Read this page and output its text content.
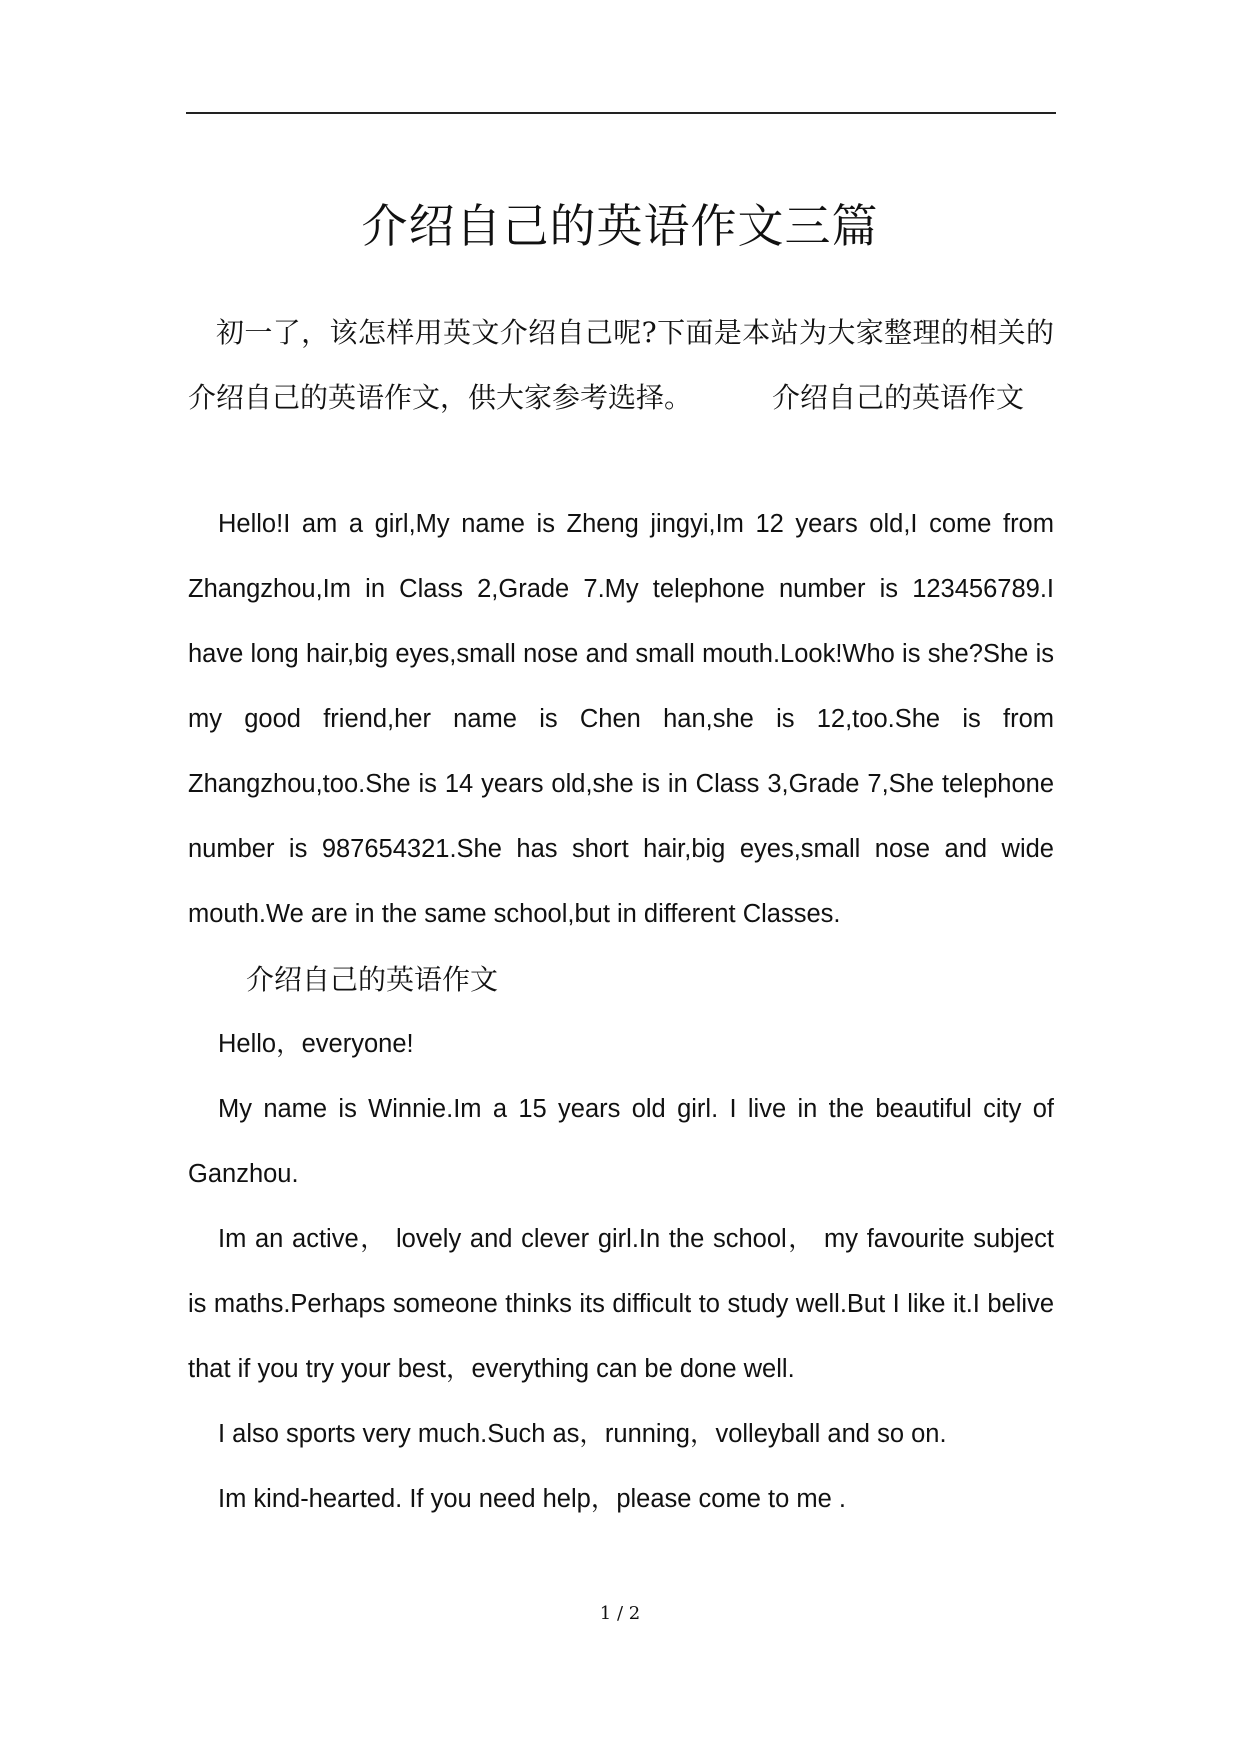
介绍自己的英语作文三篇

初一了，该怎样用英文介绍自己呢?下面是本站为大家整理的相关的介绍自己的英语作文，供大家参考选择。	介绍自己的英语作文

Hello!I am a girl,My name is Zheng jingyi,Im 12 years old,I come from Zhangzhou,Im in Class 2,Grade 7.My telephone number is 123456789.I have long hair,big eyes,small nose and small mouth.Look!Who is she?She is my good friend,her name is Chen han,she is 12,too.She is from Zhangzhou,too.She is 14 years old,she is in Class 3,Grade 7,She telephone number is 987654321.She has short hair,big eyes,small nose and wide mouth.We are in the same school,but in different Classes.

介绍自己的英语作文

Hello，everyone!

My name is Winnie.Im a 15 years old girl. I live in the beautiful city of Ganzhou.

Im an active， lovely and clever girl.In the school， my favourite subject is maths.Perhaps someone thinks its difficult to study well.But I like it.I belive that if you try your best，everything can be done well.

I also sports very much.Such as，running，volleyball and so on.

Im kind-hearted. If you need help，please come to me .

1 / 2
